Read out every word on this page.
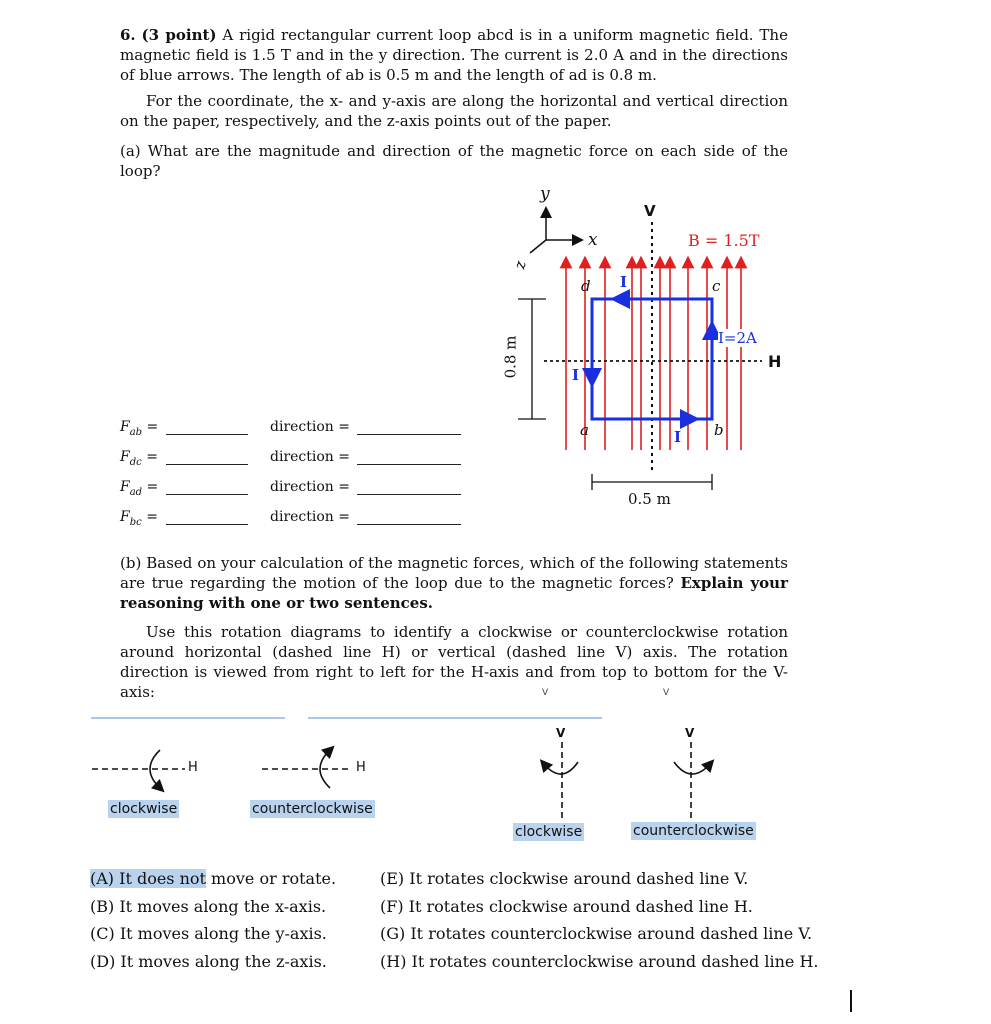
6. (3 point) A rigid rectangular current loop abcd is in a uniform magnetic field. The magnetic field is 1.5 T and in the y direction. The current is 2.0 A and in the directions of blue arrows. The length of ab is 0.5 m and the length of ad is 0.8 m.
For the coordinate, the x- and y-axis are along the horizontal and vertical direction on the paper, respectively, and the z-axis points out of the paper.
(a) What are the magnitude and direction of the magnetic force on each side of the loop?
$F_{ab}$ =	direction =
$F_{dc}$ =	direction =
$F_{ad}$ =	direction =
$F_{bc}$ =	direction =
y
x
z
V
H
B = 1.5T
I=2A
a	b
c
d I
I
I
0.8 m
0.5 m
(b) Based on your calculation of the magnetic forces, which of the following statements are true regarding the motion of the loop due to the magnetic forces? Explain your reasoning with one or two sentences.
Use this rotation diagrams to identify a clockwise or counterclockwise rotation around horizontal (dashed line H) or vertical (dashed line V) axis. The rotation direction is viewed from right to left for the H-axis and from top to bottom for the V-axis:	V	V
H	H
V	V
clockwise	counterclockwise
clockwise	counterclockwise
(A) It does not move or rotate.
(B) It moves along the x-axis.
(C) It moves along the y-axis.
(D) It moves along the z-axis.
(E) It rotates clockwise around dashed line V.
(F) It rotates clockwise around dashed line H.
(G) It rotates counterclockwise around dashed line V.
(H) It rotates counterclockwise around dashed line H.
